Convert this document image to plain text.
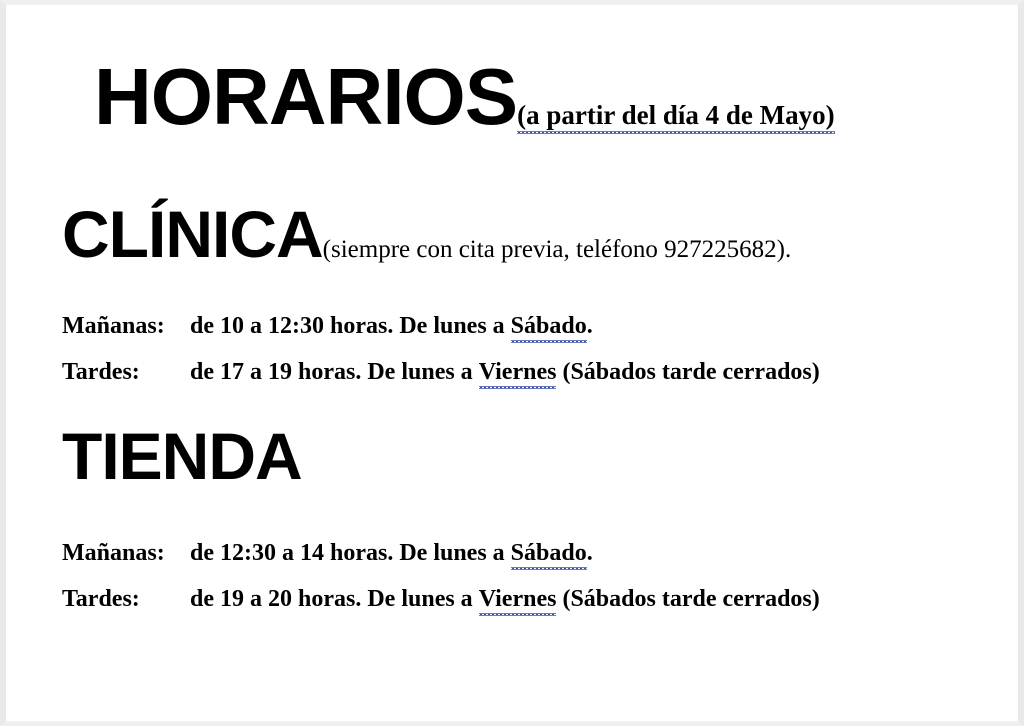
HORARIOS(a partir del día 4 de Mayo)
CLÍNICA(siempre con cita previa, teléfono 927225682).
Mañanas: de 10 a 12:30 horas. De lunes a Sábado.
Tardes: de 17 a 19 horas. De lunes a Viernes (Sábados tarde cerrados)
TIENDA
Mañanas: de 12:30 a 14 horas. De lunes a Sábado.
Tardes: de 19 a 20 horas. De lunes a Viernes (Sábados tarde cerrados)
